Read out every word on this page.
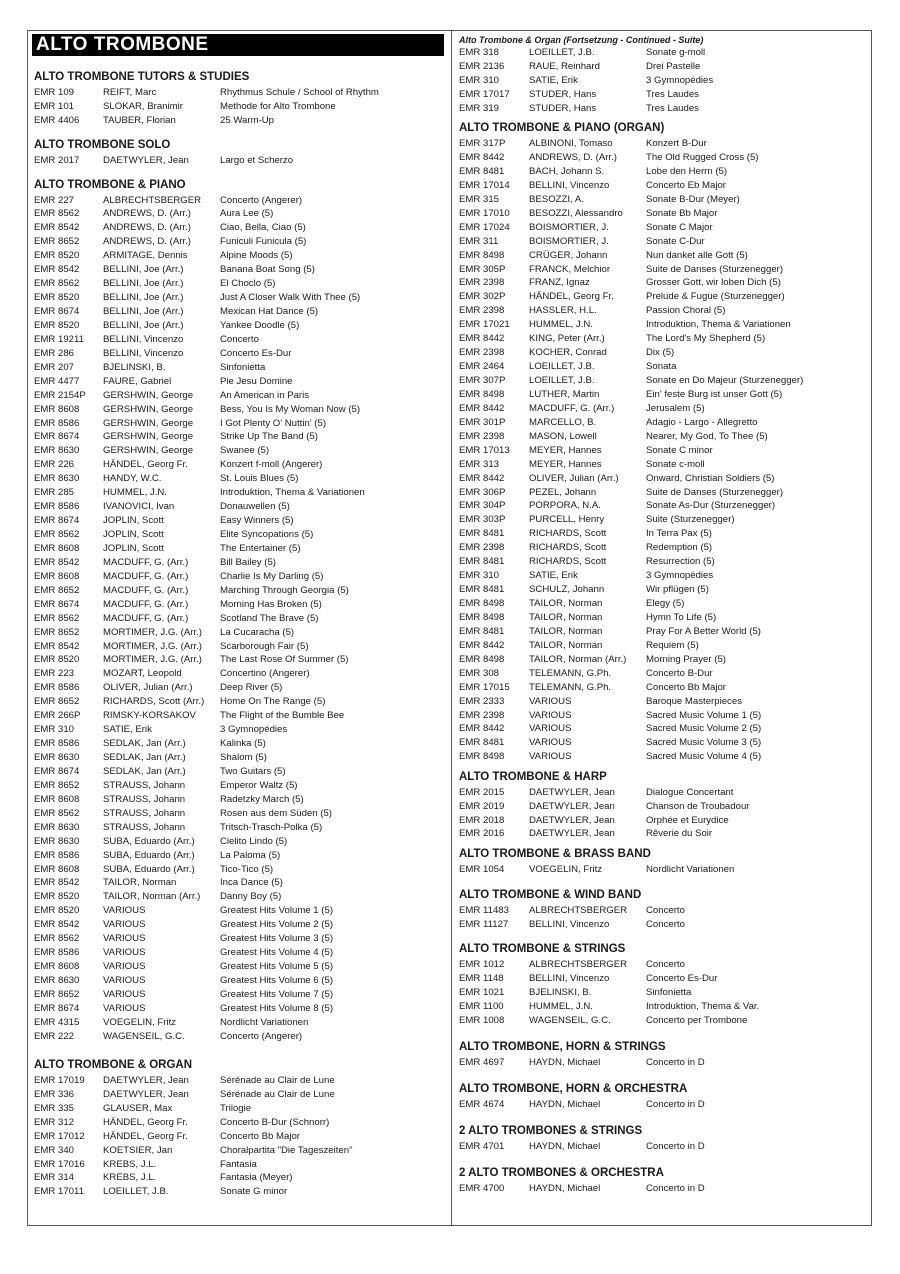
ALTO TROMBONE
ALTO TROMBONE TUTORS & STUDIES
EMR 109	REIFT, Marc	Rhythmus Schule / School of Rhythm
EMR 101	SLOKAR, Branimir	Methode for Alto Trombone
EMR 4406	TAUBER, Florian	25 Warm-Up
ALTO TROMBONE SOLO
EMR 2017	DAETWYLER, Jean	Largo et Scherzo
ALTO TROMBONE & PIANO
EMR 227	ALBRECHTSBERGER	Concerto (Angerer)
EMR 8562	ANDREWS, D. (Arr.)	Aura Lee (5)
EMR 8542	ANDREWS, D. (Arr.)	Ciao, Bella, Ciao (5)
EMR 8652	ANDREWS, D. (Arr.)	Funiculi Funicula (5)
EMR 8520	ARMITAGE, Dennis	Alpine Moods (5)
EMR 8542	BELLINI, Joe (Arr.)	Banana Boat Song (5)
EMR 8562	BELLINI, Joe (Arr.)	El Choclo (5)
EMR 8520	BELLINI, Joe (Arr.)	Just A Closer Walk With Thee (5)
EMR 8674	BELLINI, Joe (Arr.)	Mexican Hat Dance (5)
EMR 8520	BELLINI, Joe (Arr.)	Yankee Doodle (5)
EMR 19211	BELLINI, Vincenzo	Concerto
EMR 286	BELLINI, Vincenzo	Concerto Es-Dur
EMR 207	BJELINSKI, B.	Sinfonietta
EMR 4477	FAURE, Gabriel	Pie Jesu Domine
EMR 2154P	GERSHWIN, George	An American in Paris
EMR 8608	GERSHWIN, George	Bess, You Is My Woman Now (5)
EMR 8586	GERSHWIN, George	I Got Plenty O' Nuttin' (5)
EMR 8674	GERSHWIN, George	Strike Up The Band (5)
EMR 8630	GERSHWIN, George	Swanee (5)
EMR 226	HÄNDEL, Georg Fr.	Konzert f-moll (Angerer)
EMR 8630	HANDY, W.C.	St. Louis Blues (5)
EMR 285	HUMMEL, J.N.	Introduktion, Thema & Variationen
EMR 8586	IVANOVICI, Ivan	Donauwellen (5)
EMR 8674	JOPLIN, Scott	Easy Winners (5)
EMR 8562	JOPLIN, Scott	Elite Syncopations (5)
EMR 8608	JOPLIN, Scott	The Entertainer (5)
EMR 8542	MACDUFF, G. (Arr.)	Bill Bailey (5)
EMR 8608	MACDUFF, G. (Arr.)	Charlie Is My Darling (5)
EMR 8652	MACDUFF, G. (Arr.)	Marching Through Georgia (5)
EMR 8674	MACDUFF, G. (Arr.)	Morning Has Broken (5)
EMR 8562	MACDUFF, G. (Arr.)	Scotland The Brave (5)
EMR 8652	MORTIMER, J.G. (Arr.)	La Cucaracha (5)
EMR 8542	MORTIMER, J.G. (Arr.)	Scarborough Fair (5)
EMR 8520	MORTIMER, J.G. (Arr.)	The Last Rose Of Summer (5)
EMR 223	MOZART, Leopold	Concertino (Angerer)
EMR 8586	OLIVER, Julian (Arr.)	Deep River (5)
EMR 8652	RICHARDS, Scott (Arr.)	Home On The Range (5)
EMR 266P	RIMSKY-KORSAKOV	The Flight of the Bumble Bee
EMR 310	SATIE, Erik	3 Gymnopédies
EMR 8586	SEDLAK, Jan (Arr.)	Kalinka (5)
EMR 8630	SEDLAK, Jan (Arr.)	Shalom (5)
EMR 8674	SEDLAK, Jan (Arr.)	Two Guitars (5)
EMR 8652	STRAUSS, Johann	Emperor Waltz (5)
EMR 8608	STRAUSS, Johann	Radetzky March (5)
EMR 8562	STRAUSS, Johann	Rosen aus dem Süden (5)
EMR 8630	STRAUSS, Johann	Tritsch-Trasch-Polka (5)
EMR 8630	SUBA, Eduardo (Arr.)	Cielito Lindo (5)
EMR 8586	SUBA, Eduardo (Arr.)	La Paloma (5)
EMR 8608	SUBA, Eduardo (Arr.)	Tico-Tico (5)
EMR 8542	TAILOR, Norman	Inca Dance (5)
EMR 8520	TAILOR, Norman (Arr.)	Danny Boy (5)
EMR 8520	VARIOUS	Greatest Hits Volume 1 (5)
EMR 8542	VARIOUS	Greatest Hits Volume 2 (5)
EMR 8562	VARIOUS	Greatest Hits Volume 3 (5)
EMR 8586	VARIOUS	Greatest Hits Volume 4 (5)
EMR 8608	VARIOUS	Greatest Hits Volume 5 (5)
EMR 8630	VARIOUS	Greatest Hits Volume 6 (5)
EMR 8652	VARIOUS	Greatest Hits Volume 7 (5)
EMR 8674	VARIOUS	Greatest Hits Volume 8 (5)
EMR 4315	VOEGELIN, Fritz	Nordlicht Variationen
EMR 222	WAGENSEIL, G.C.	Concerto (Angerer)
ALTO TROMBONE & ORGAN
EMR 17019	DAETWYLER, Jean	Sérénade au Clair de Lune
EMR 336	DAETWYLER, Jean	Sérénade au Clair de Lune
EMR 335	GLAUSER, Max	Trilogie
EMR 312	HÄNDEL, Georg Fr.	Concerto B-Dur (Schnorr)
EMR 17012	HÄNDEL, Georg Fr.	Concerto Bb Major
EMR 340	KOETSIER, Jan	Choralpartita "Die Tageszeiten"
EMR 17016	KREBS, J.L.	Fantasia
EMR 314	KREBS, J.L.	Fantasia (Meyer)
EMR 17011	LOEILLET, J.B.	Sonate G minor
Alto Trombone & Organ (Fortsetzung - Continued - Suite)
EMR 318	LOEILLET, J.B.	Sonate g-moll
EMR 2136	RAUE, Reinhard	Drei Pastelle
EMR 310	SATIE, Erik	3 Gymnopédies
EMR 17017	STUDER, Hans	Tres Laudes
EMR 319	STUDER, Hans	Tres Laudes
ALTO TROMBONE & PIANO (ORGAN)
EMR 317P	ALBINONI, Tomaso	Konzert B-Dur
EMR 8442	ANDREWS, D. (Arr.)	The Old Rugged Cross (5)
EMR 8481	BACH, Johann S.	Lobe den Herrn (5)
EMR 17014	BELLINI, Vincenzo	Concerto Eb Major
EMR 315	BESOZZI, A.	Sonate B-Dur (Meyer)
EMR 17010	BESOZZI, Alessandro	Sonate Bb Major
EMR 17024	BOISMORTIER, J.	Sonate C Major
EMR 311	BOISMORTIER, J.	Sonate C-Dur
EMR 8498	CRÜGER, Johann	Nun danket alle Gott (5)
EMR 305P	FRANCK, Melchior	Suite de Danses (Sturzenegger)
EMR 2398	FRANZ, Ignaz	Grosser Gott, wir loben Dich (5)
EMR 302P	HÄNDEL, Georg Fr.	Prelude & Fugue (Sturzenegger)
EMR 2398	HASSLER, H.L.	Passion Choral (5)
EMR 17021	HUMMEL, J.N.	Introduktion, Thema & Variationen
EMR 8442	KING, Peter (Arr.)	The Lord's My Shepherd (5)
EMR 2398	KOCHER, Conrad	Dix (5)
EMR 2464	LOEILLET, J.B.	Sonata
EMR 307P	LOEILLET, J.B.	Sonate en Do Majeur (Sturzenegger)
EMR 8498	LUTHER, Martin	Ein' feste Burg ist unser Gott (5)
EMR 8442	MACDUFF, G. (Arr.)	Jerusalem (5)
EMR 301P	MARCELLO, B.	Adagio - Largo - Allegretto
EMR 2398	MASON, Lowell	Nearer, My God, To Thee (5)
EMR 17013	MEYER, Hannes	Sonate C minor
EMR 313	MEYER, Hannes	Sonate c-moll
EMR 8442	OLIVER, Julian (Arr.)	Onward, Christian Soldiers (5)
EMR 306P	PEZEL, Johann	Suite de Danses (Sturzenegger)
EMR 304P	PORPORA, N.A.	Sonate As-Dur (Sturzenegger)
EMR 303P	PURCELL, Henry	Suite (Sturzenegger)
EMR 8481	RICHARDS, Scott	In Terra Pax (5)
EMR 2398	RICHARDS, Scott	Redemption (5)
EMR 8481	RICHARDS, Scott	Resurrection (5)
EMR 310	SATIE, Erik	3 Gymnopédies
EMR 8481	SCHULZ, Johann	Wir pflügen (5)
EMR 8498	TAILOR, Norman	Elegy (5)
EMR 8498	TAILOR, Norman	Hymn To Life (5)
EMR 8481	TAILOR, Norman	Pray For A Better World (5)
EMR 8442	TAILOR, Norman	Requiem (5)
EMR 8498	TAILOR, Norman (Arr.)	Morning Prayer (5)
EMR 308	TELEMANN, G.Ph.	Concerto B-Dur
EMR 17015	TELEMANN, G.Ph.	Concerto Bb Major
EMR 2333	VARIOUS	Baroque Masterpieces
EMR 2398	VARIOUS	Sacred Music Volume 1 (5)
EMR 8442	VARIOUS	Sacred Music Volume 2 (5)
EMR 8481	VARIOUS	Sacred Music Volume 3 (5)
EMR 8498	VARIOUS	Sacred Music Volume 4 (5)
ALTO TROMBONE & HARP
EMR 2015	DAETWYLER, Jean	Dialogue Concertant
EMR 2019	DAETWYLER, Jean	Chanson de Troubadour
EMR 2018	DAETWYLER, Jean	Orphée et Eurydice
EMR 2016	DAETWYLER, Jean	Rêverie du Soir
ALTO TROMBONE & BRASS BAND
EMR 1054	VOEGELIN, Fritz	Nordlicht Variationen
ALTO TROMBONE & WIND BAND
EMR 11483	ALBRECHTSBERGER	Concerto
EMR 11127	BELLINI, Vincenzo	Concerto
ALTO TROMBONE & STRINGS
EMR 1012	ALBRECHTSBERGER	Concerto
EMR 1148	BELLINI, Vincenzo	Concerto Es-Dur
EMR 1021	BJELINSKI, B.	Sinfonietta
EMR 1100	HUMMEL, J.N.	Introduktion, Thema & Var.
EMR 1008	WAGENSEIL, G.C.	Concerto per Trombone
ALTO TROMBONE, HORN & STRINGS
EMR 4697	HAYDN, Michael	Concerto in D
ALTO TROMBONE, HORN & ORCHESTRA
EMR 4674	HAYDN, Michael	Concerto in D
2 ALTO TROMBONES & STRINGS
EMR 4701	HAYDN, Michael	Concerto in D
2 ALTO TROMBONES & ORCHESTRA
EMR 4700	HAYDN, Michael	Concerto in D
